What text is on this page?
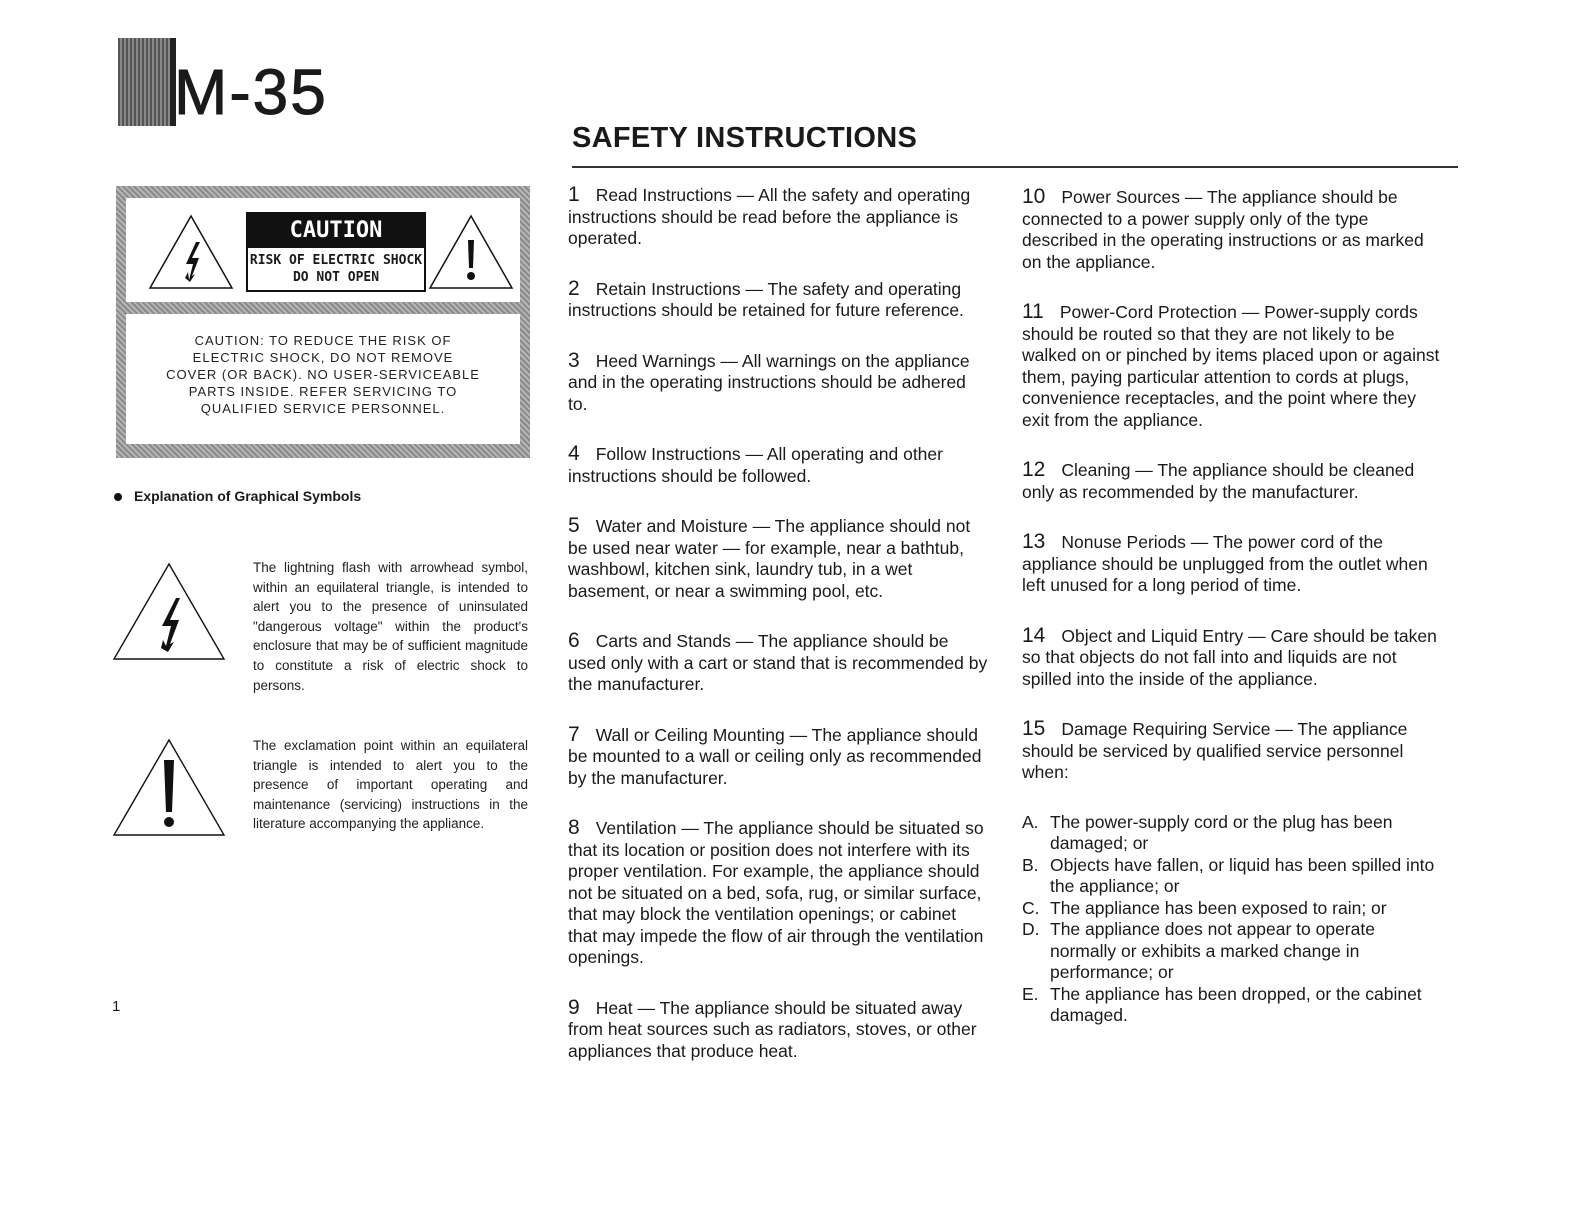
M-35
SAFETY INSTRUCTIONS
CAUTION
RISK OF ELECTRIC SHOCK
DO NOT OPEN
CAUTION: TO REDUCE THE RISK OF
ELECTRIC SHOCK, DO NOT REMOVE
COVER (OR BACK). NO USER-SERVICEABLE
PARTS INSIDE. REFER SERVICING TO
QUALIFIED SERVICE PERSONNEL.
Explanation of Graphical Symbols
The lightning flash with arrowhead symbol, within an equilateral triangle, is intended to alert you to the presence of uninsulated "dangerous voltage" within the product's enclosure that may be of sufficient magnitude to constitute a risk of electric shock to persons.
The exclamation point within an equilateral triangle is intended to alert you to the presence of important operating and maintenance (servicing) instructions in the literature accompanying the appliance.
1 Read Instructions — All the safety and operating instructions should be read before the appliance is operated.
2 Retain Instructions — The safety and operating instructions should be retained for future reference.
3 Heed Warnings — All warnings on the appliance and in the operating instructions should be adhered to.
4 Follow Instructions — All operating and other instructions should be followed.
5 Water and Moisture — The appliance should not be used near water — for example, near a bathtub, washbowl, kitchen sink, laundry tub, in a wet basement, or near a swimming pool, etc.
6 Carts and Stands — The appliance should be used only with a cart or stand that is recommended by the manufacturer.
7 Wall or Ceiling Mounting — The appliance should be mounted to a wall or ceiling only as recommended by the manufacturer.
8 Ventilation — The appliance should be situated so that its location or position does not interfere with its proper ventilation. For example, the appliance should not be situated on a bed, sofa, rug, or similar surface, that may block the ventilation openings; or cabinet that may impede the flow of air through the ventilation openings.
9 Heat — The appliance should be situated away from heat sources such as radiators, stoves, or other appliances that produce heat.
10 Power Sources — The appliance should be connected to a power supply only of the type described in the operating instructions or as marked on the appliance.
11 Power-Cord Protection — Power-supply cords should be routed so that they are not likely to be walked on or pinched by items placed upon or against them, paying particular attention to cords at plugs, convenience receptacles, and the point where they exit from the appliance.
12 Cleaning — The appliance should be cleaned only as recommended by the manufacturer.
13 Nonuse Periods — The power cord of the appliance should be unplugged from the outlet when left unused for a long period of time.
14 Object and Liquid Entry — Care should be taken so that objects do not fall into and liquids are not spilled into the inside of the appliance.
15 Damage Requiring Service — The appliance should be serviced by qualified service personnel when:
A. The power-supply cord or the plug has been damaged; or
B. Objects have fallen, or liquid has been spilled into the appliance; or
C. The appliance has been exposed to rain; or
D. The appliance does not appear to operate normally or exhibits a marked change in performance; or
E. The appliance has been dropped, or the cabinet damaged.
1
